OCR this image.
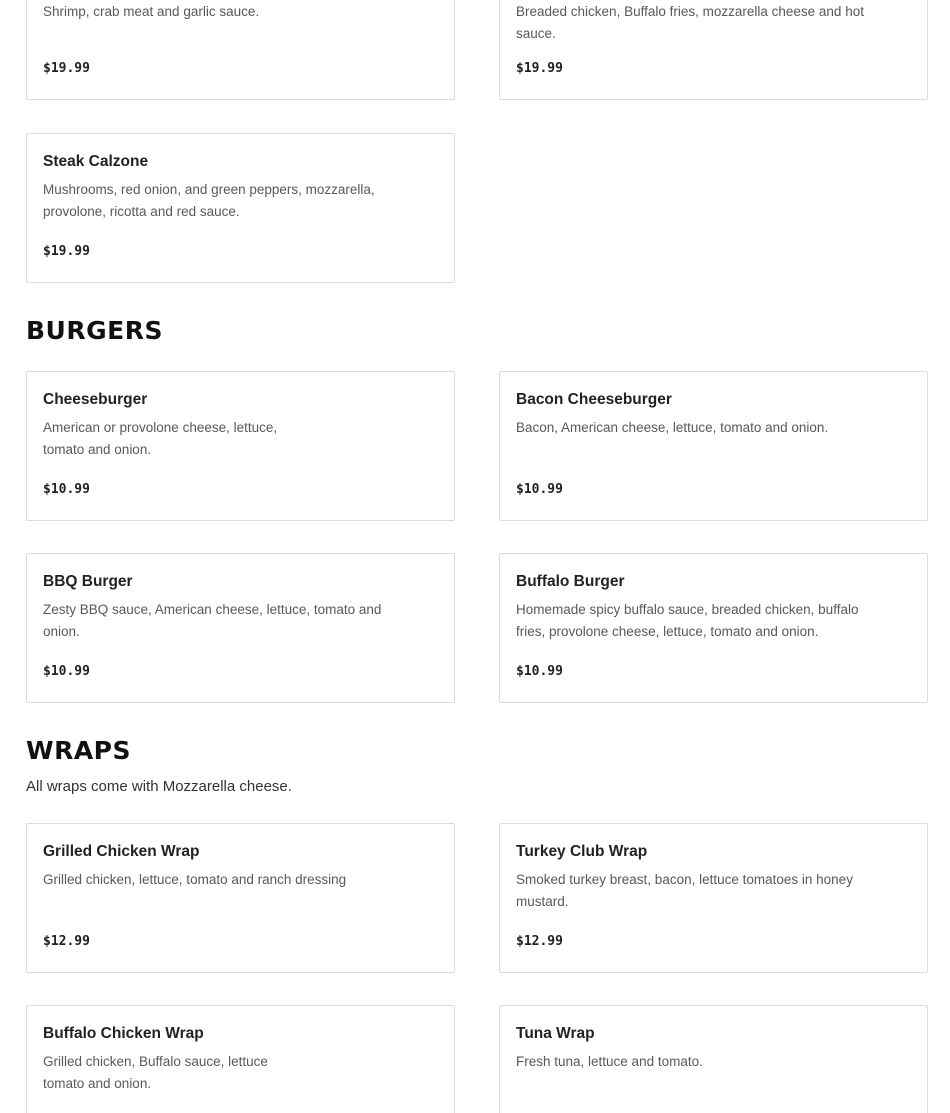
Shrimp, crab meat and garlic sauce.
$19.99
Breaded chicken, Buffalo fries, mozzarella cheese and hot sauce.
$19.99
Steak Calzone
Mushrooms, red onion, and green peppers, mozzarella, provolone, ricotta and red sauce.
$19.99
BURGERS
Cheeseburger
American or provolone cheese, lettuce, tomato and onion.
$10.99
Bacon Cheeseburger
Bacon, American cheese, lettuce, tomato and onion.
$10.99
BBQ Burger
Zesty BBQ sauce, American cheese, lettuce, tomato and onion.
$10.99
Buffalo Burger
Homemade spicy buffalo sauce, breaded chicken, buffalo fries, provolone cheese, lettuce, tomato and onion.
$10.99
WRAPS
All wraps come with Mozzarella cheese.
Grilled Chicken Wrap
Grilled chicken, lettuce, tomato and ranch dressing
$12.99
Turkey Club Wrap
Smoked turkey breast, bacon, lettuce tomatoes in honey mustard.
$12.99
Buffalo Chicken Wrap
Grilled chicken, Buffalo sauce, lettuce tomato and onion.
Tuna Wrap
Fresh tuna, lettuce and tomato.
